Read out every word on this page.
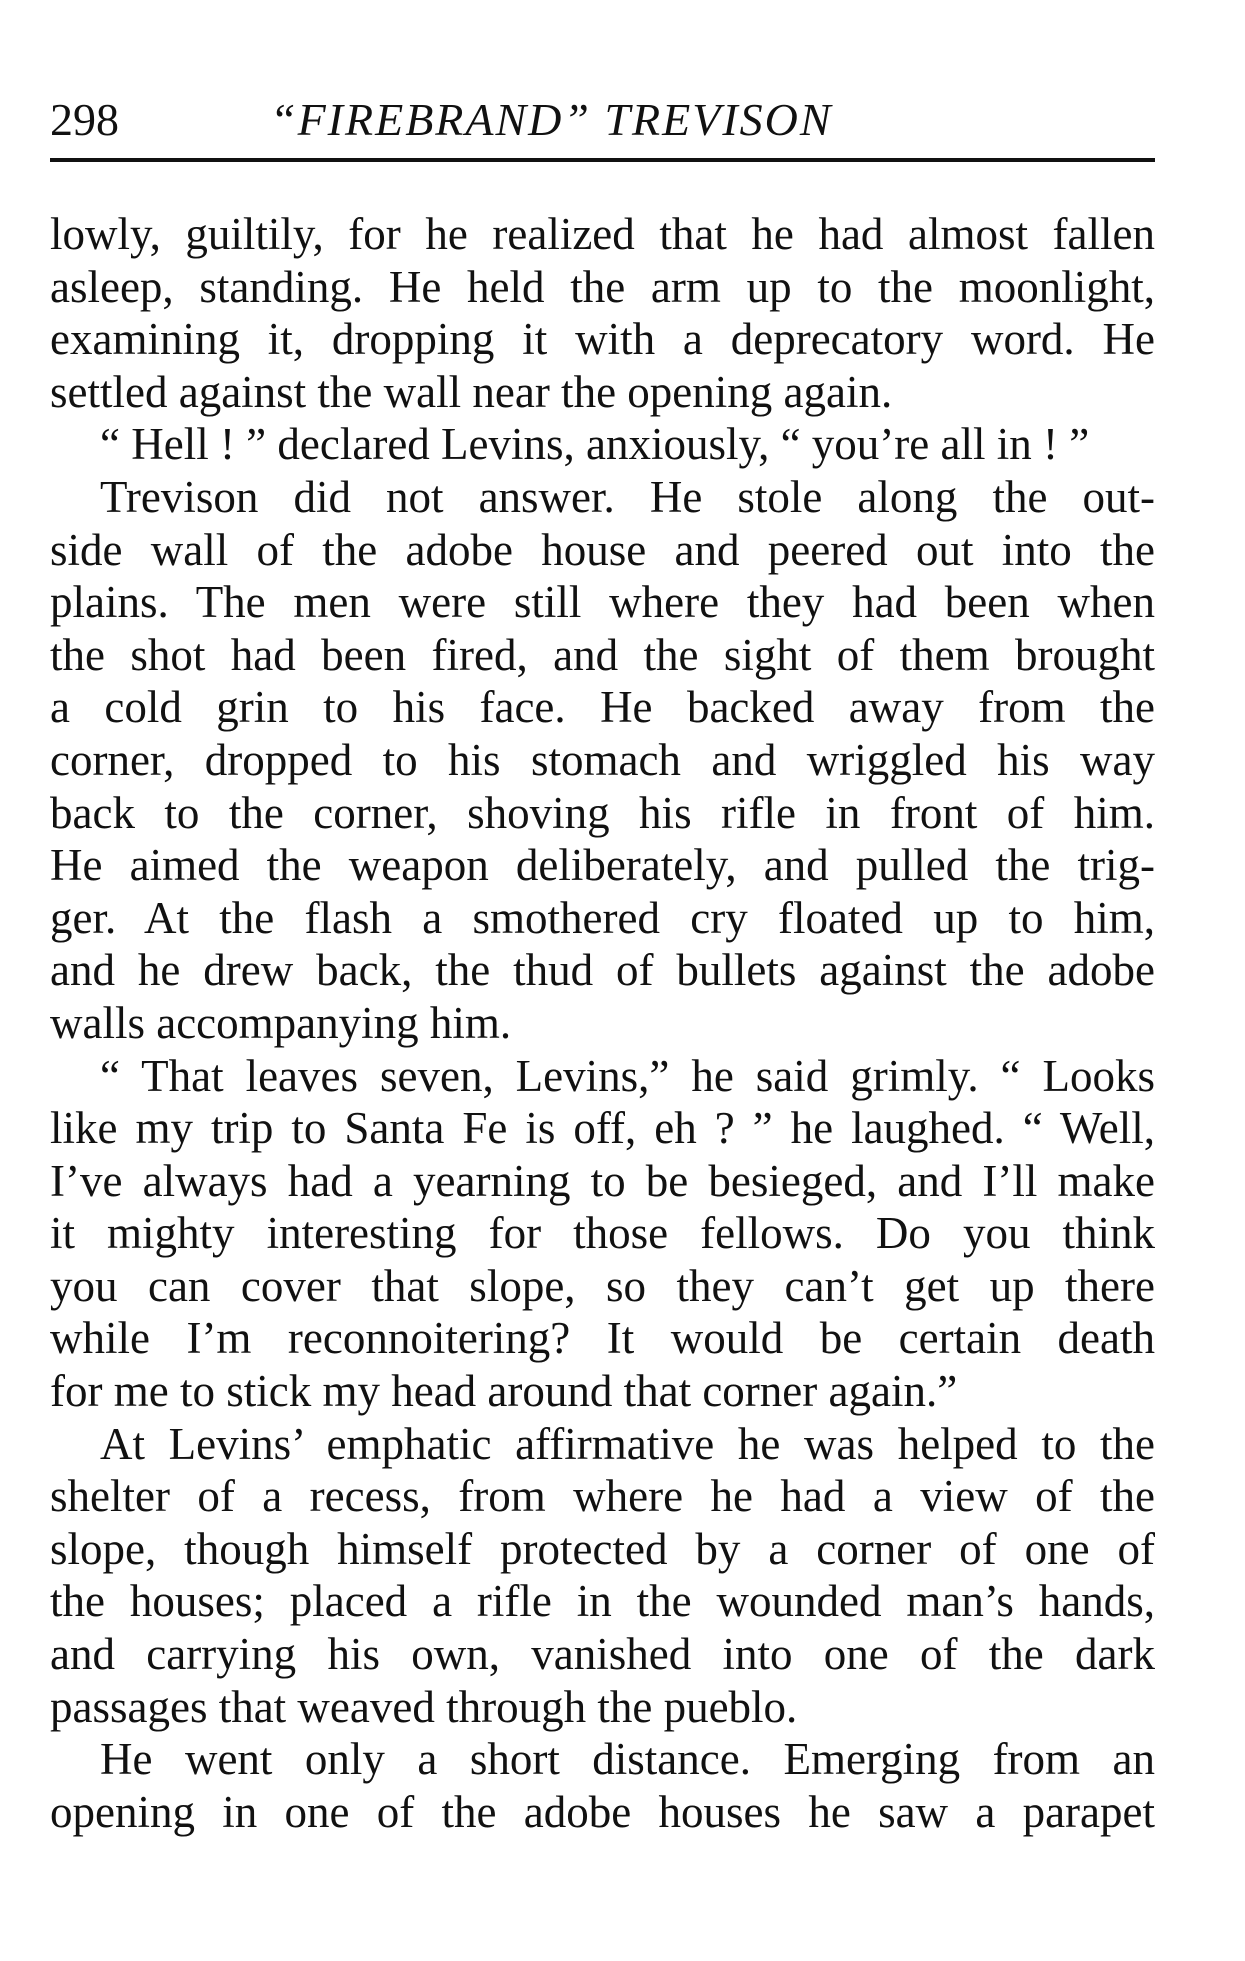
298	“FIREBRAND” TREVISON
lowly, guiltily, for he realized that he had almost fallen
asleep, standing. He held the arm up to the moonlight,
examining it, dropping it with a deprecatory word. He
settled against the wall near the opening again.
“ Hell ! ” declared Levins, anxiously, “ you’re all in ! ”
Trevison did not answer. He stole along the out-
side wall of the adobe house and peered out into the
plains. The men were still where they had been when
the shot had been fired, and the sight of them brought
a cold grin to his face. He backed away from the
corner, dropped to his stomach and wriggled his way
back to the corner, shoving his rifle in front of him.
He aimed the weapon deliberately, and pulled the trig-
ger. At the flash a smothered cry floated up to him,
and he drew back, the thud of bullets against the adobe
walls accompanying him.
“ That leaves seven, Levins,” he said grimly. “ Looks
like my trip to Santa Fe is off, eh ? ” he laughed. “ Well,
I’ve always had a yearning to be besieged, and I’ll make
it mighty interesting for those fellows. Do you think
you can cover that slope, so they can’t get up there
while I’m reconnoitering? It would be certain death
for me to stick my head around that corner again.”
At Levins’ emphatic affirmative he was helped to the
shelter of a recess, from where he had a view of the
slope, though himself protected by a corner of one of
the houses; placed a rifle in the wounded man’s hands,
and carrying his own, vanished into one of the dark
passages that weaved through the pueblo.
He went only a short distance. Emerging from an
opening in one of the adobe houses he saw a parapet
